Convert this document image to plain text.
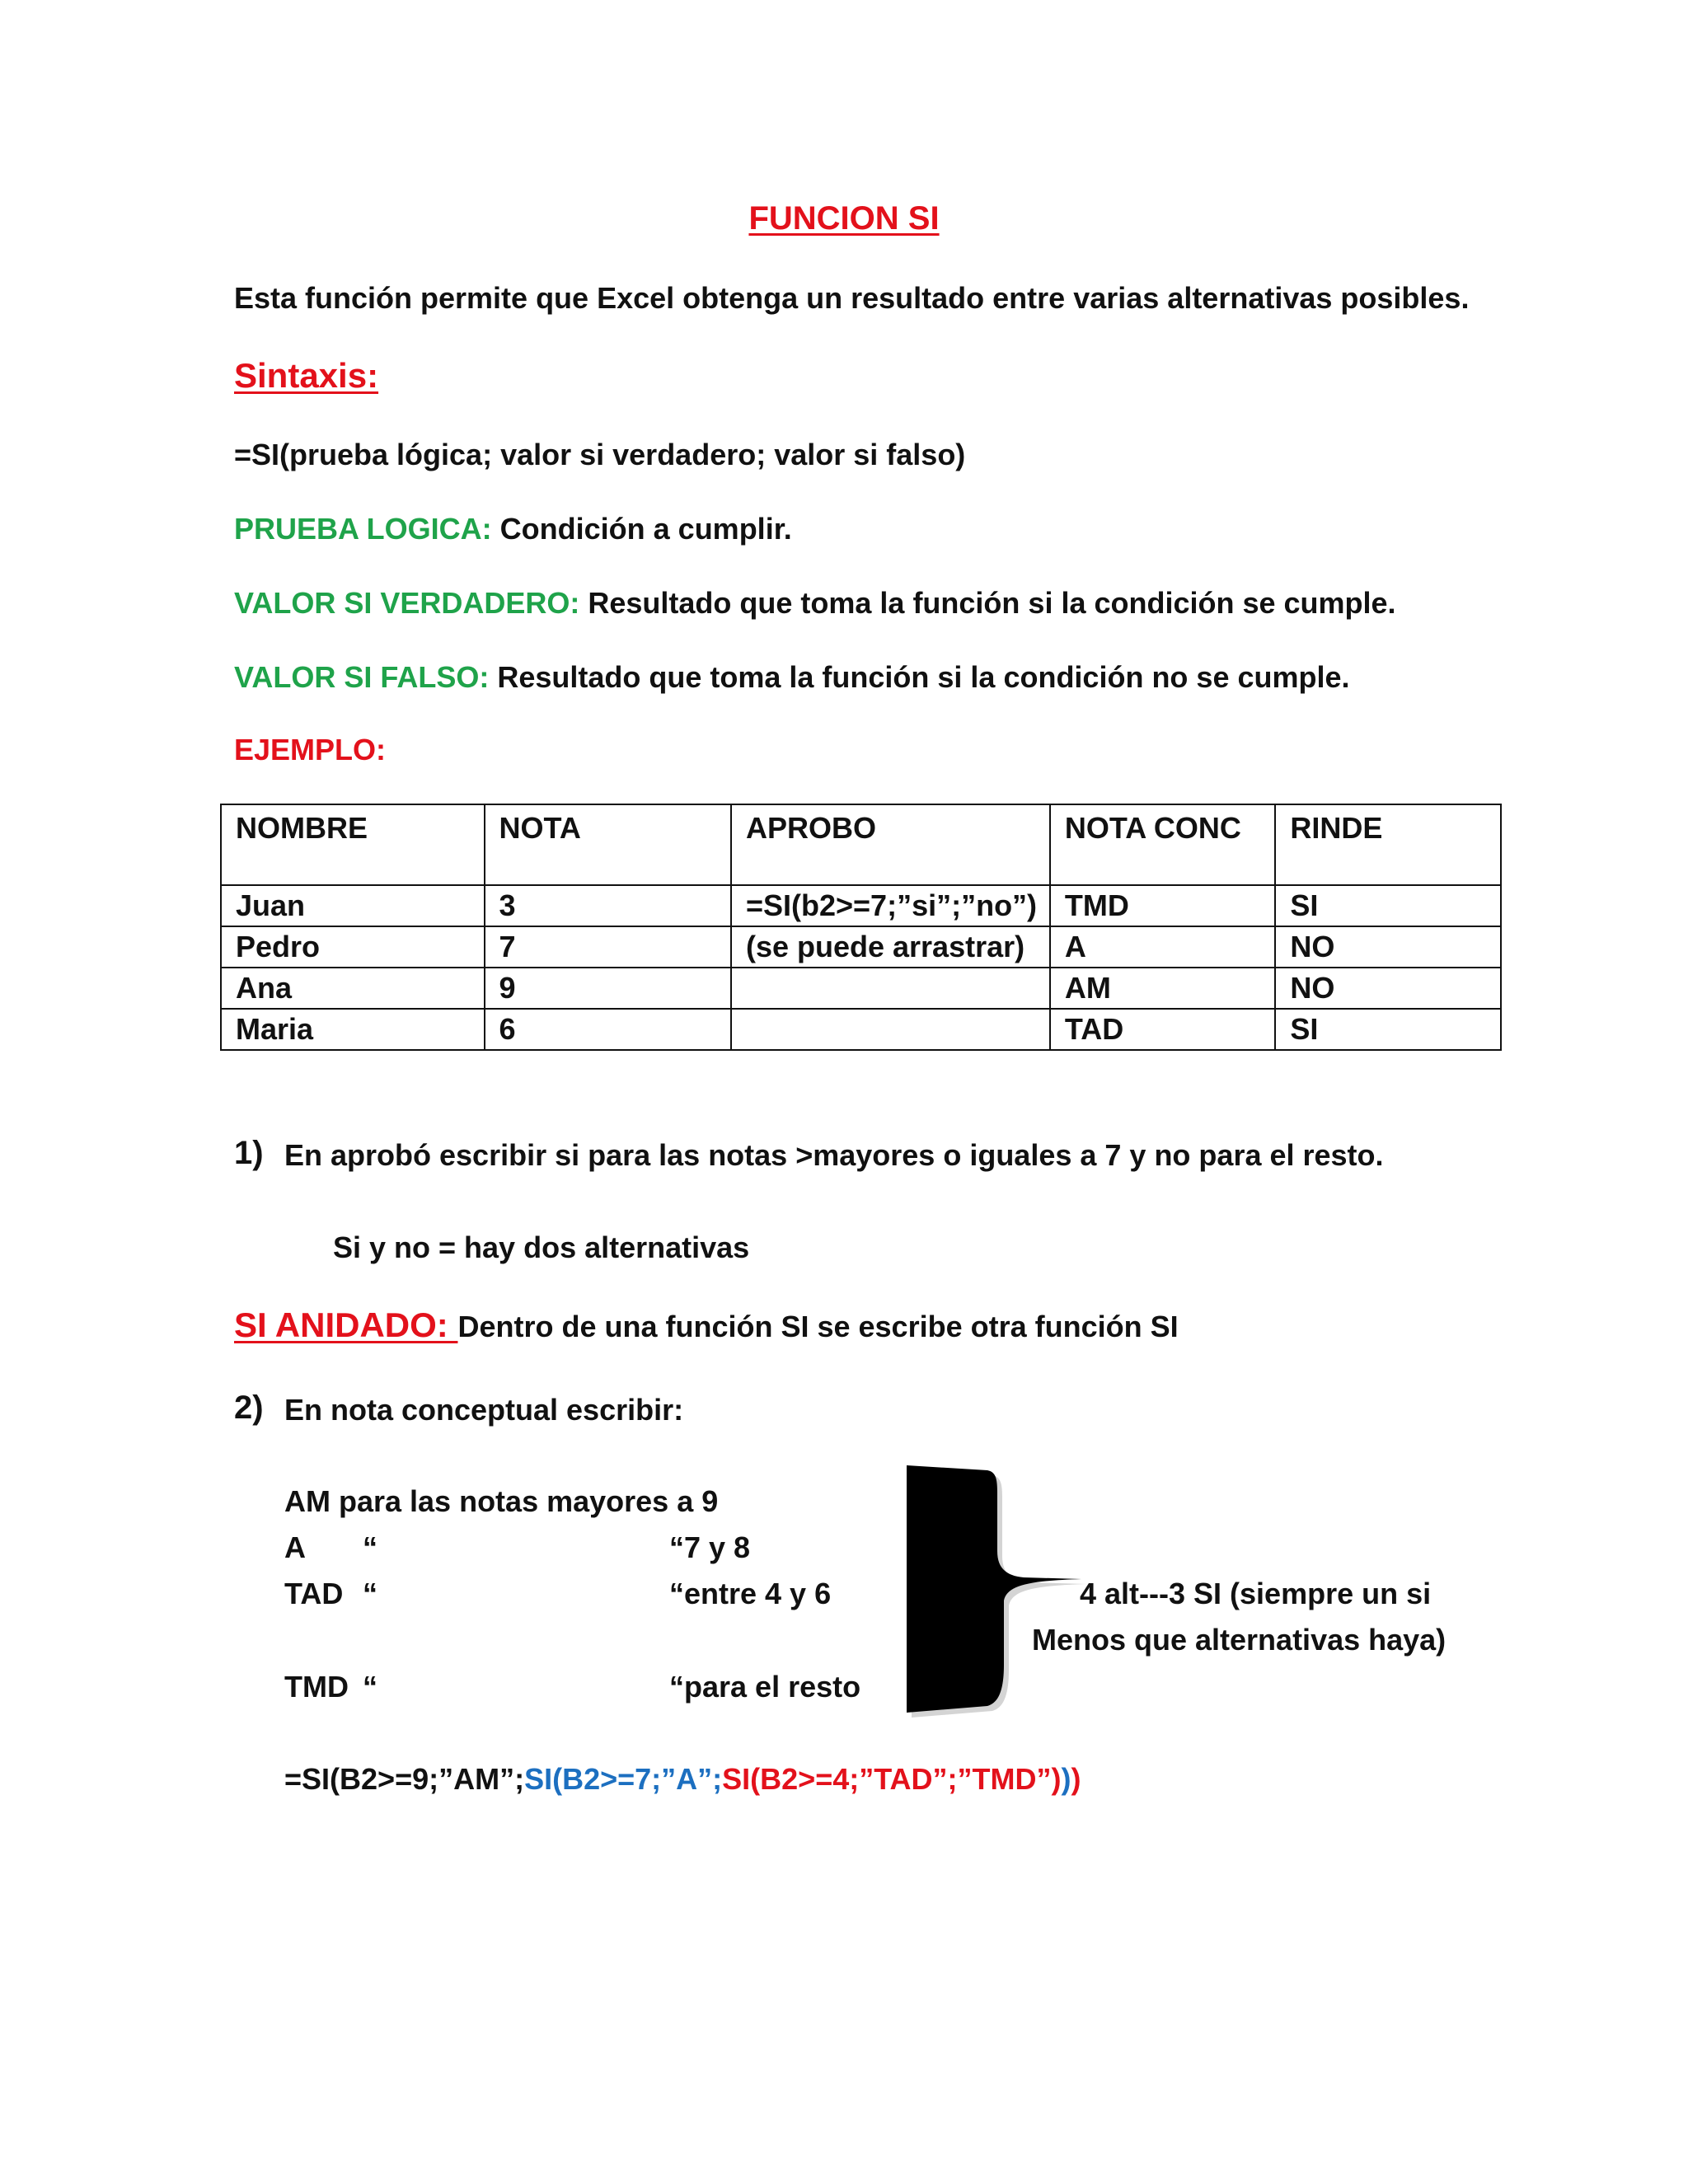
FUNCION SI
Esta función permite que Excel obtenga un resultado entre varias alternativas posibles.
Sintaxis:
=SI(prueba lógica; valor si verdadero; valor si falso)
PRUEBA LOGICA: Condición a cumplir.
VALOR SI VERDADERO: Resultado que toma la función si la condición se cumple.
VALOR SI FALSO: Resultado que toma la función si la condición no se cumple.
EJEMPLO:
NOMBRE	NOTA	APROBO	NOTA CONC	RINDE
Juan	3	=SI(b2>=7;”si”;”no”)	TMD	SI
Pedro	7	(se puede arrastrar)	A	NO
Ana	9		AM	NO
Maria	6		TAD	SI
1) En aprobó escribir si para las notas >mayores o iguales a 7 y no para el resto.
Si y no = hay dos alternativas
SI ANIDADO: Dentro de una función SI se escribe otra función SI
2) En nota conceptual escribir:
AM para las notas mayores a 9
A “	“7 y 8
TAD “	“entre 4 y 6
TMD “	“para el resto
4 alt---3 SI (siempre un si
Menos que alternativas haya)
=SI(B2>=9;”AM”;SI(B2>=7;”A”;SI(B2>=4;”TAD”;”TMD”)))
